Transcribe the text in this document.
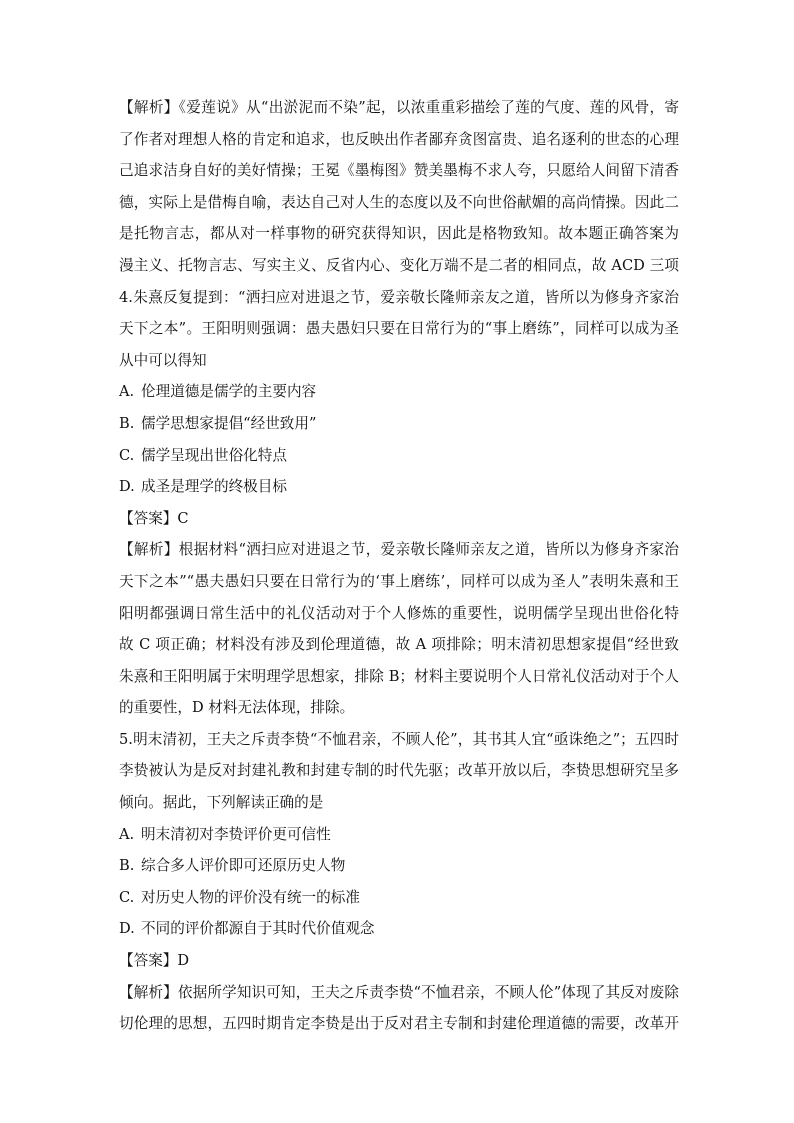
【解析】《爱莲说》从“出淤泥而不染”起，以浓重重彩描绘了莲的气度、莲的风骨，寄
了作者对理想人格的肯定和追求，也反映出作者鄙弃贪图富贵、追名逐利的世态的心理
己追求洁身自好的美好情操；王冕《墨梅图》赞美墨梅不求人夸，只愿给人间留下清香
德，实际上是借梅自喻，表达自己对人生的态度以及不向世俗献媚的高尚情操。因此二
是托物言志，都从对一样事物的研究获得知识，因此是格物致知。故本题正确答案为
漫主义、托物言志、写实主义、反省内心、变化万端不是二者的相同点，故 ACD 三项
4.朱熹反复提到：“洒扫应对进退之节，爱亲敬长隆师亲友之道，皆所以为修身齐家治
天下之本”。王阳明则强调：愚夫愚妇只要在日常行为的“事上磨练”，同样可以成为圣
从中可以得知
A. 伦理道德是儒学的主要内容
B. 儒学思想家提倡“经世致用”
C. 儒学呈现出世俗化特点
D. 成圣是理学的终极目标
【答案】C
【解析】根据材料“洒扫应对进退之节，爱亲敬长隆师亲友之道，皆所以为修身齐家治
天下之本”“愚夫愚妇只要在日常行为的‘事上磨练’，同样可以成为圣人”表明朱熹和王
阳明都强调日常生活中的礼仪活动对于个人修炼的重要性，说明儒学呈现出世俗化特
故 C 项正确；材料没有涉及到伦理道德，故 A 项排除；明末清初思想家提倡“经世致
朱熹和王阳明属于宋明理学思想家，排除 B；材料主要说明个人日常礼仪活动对于个人
的重要性，D 材料无法体现，排除。
5.明末清初，王夫之斥责李贽“不恤君亲，不顾人伦”，其书其人宜“亟诛绝之”；五四时
李贽被认为是反对封建礼教和封建专制的时代先驱；改革开放以后，李贽思想研究呈多
倾向。据此，下列解读正确的是
A. 明末清初对李贽评价更可信性
B. 综合多人评价即可还原历史人物
C. 对历史人物的评价没有统一的标准
D. 不同的评价都源自于其时代价值观念
【答案】D
【解析】依据所学知识可知，王夫之斥责李贽“不恤君亲，不顾人伦”体现了其反对废除
切伦理的思想，五四时期肯定李贽是出于反对君主专制和封建伦理道德的需要，改革开
